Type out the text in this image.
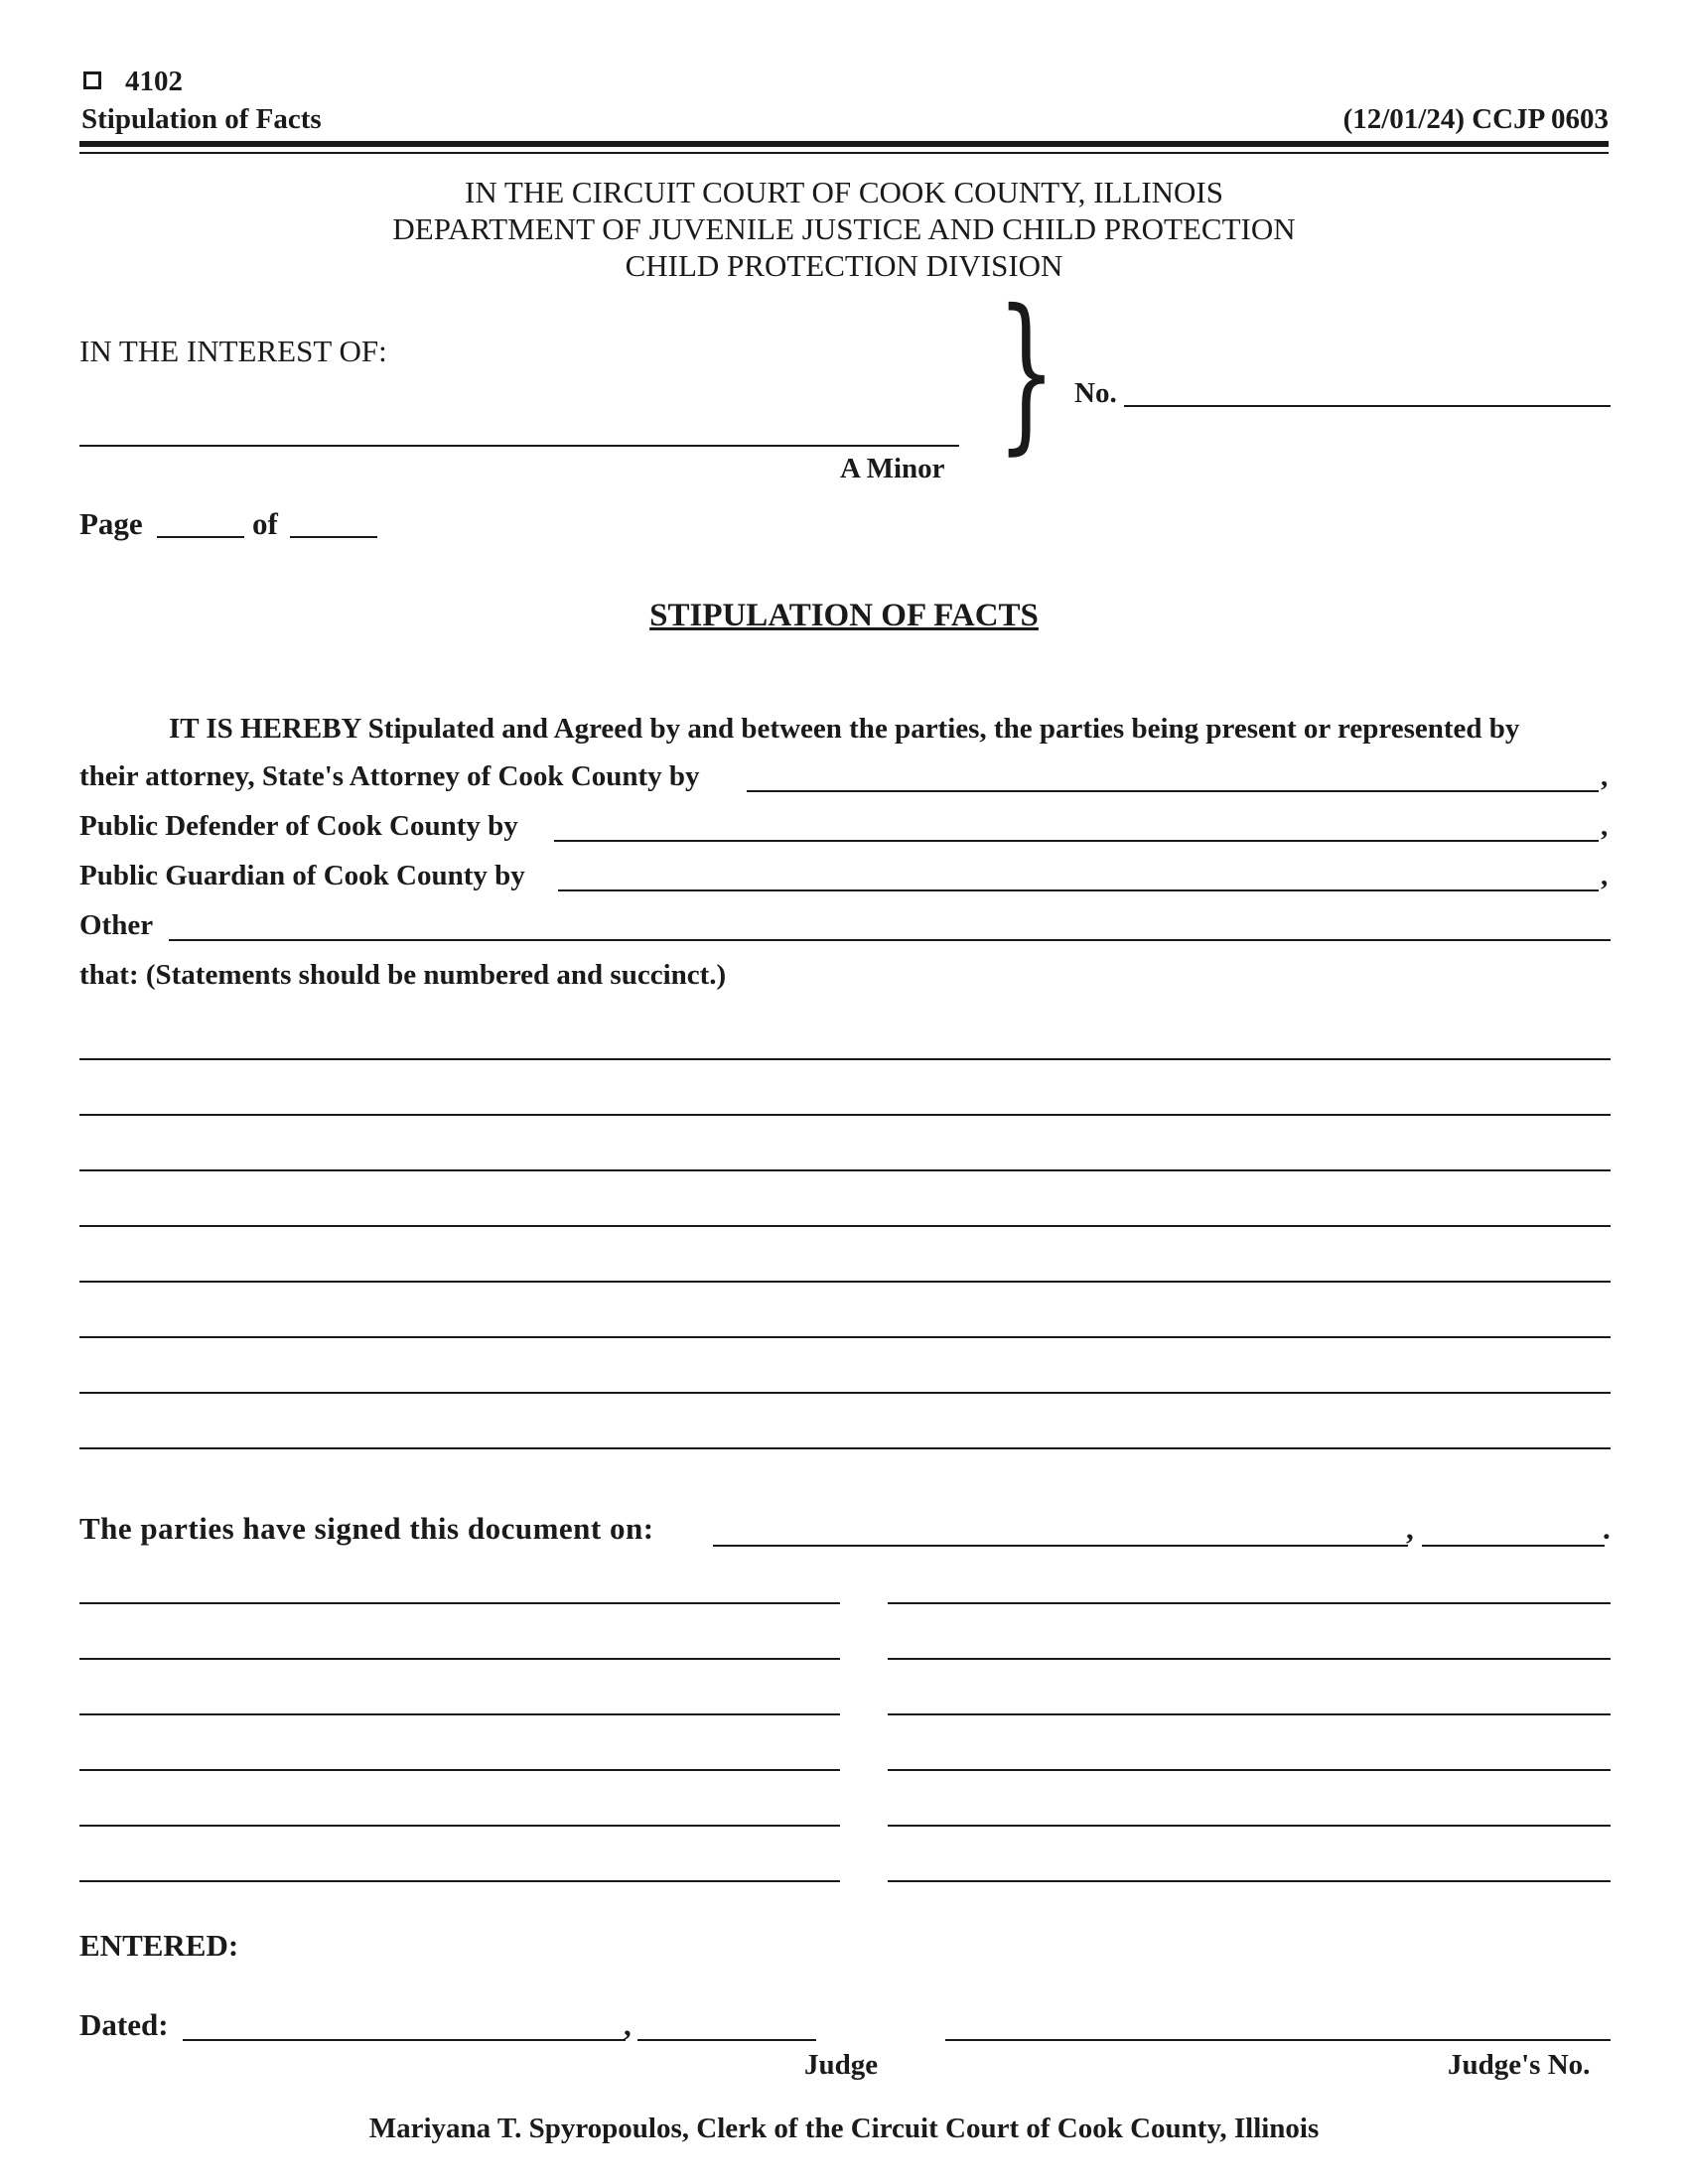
4102
Stipulation of Facts	(12/01/24) CCJP 0603
IN THE CIRCUIT COURT OF COOK COUNTY, ILLINOIS
DEPARTMENT OF JUVENILE JUSTICE AND CHILD PROTECTION
CHILD PROTECTION DIVISION
IN THE INTEREST OF:
A Minor } No.
Page	of
STIPULATION OF FACTS
IT IS HEREBY Stipulated and Agreed by and between the parties, the parties being present or represented by
their attorney, State's Attorney of Cook County by	,
Public Defender of Cook County by	,
Public Guardian of Cook County by	,
Other
that: (Statements should be numbered and succinct.)
The parties have signed this document on:	,	.
ENTERED:
Dated:	,
Judge	Judge's No.
Mariyana T. Spyropoulos, Clerk of the Circuit Court of Cook County, Illinois
